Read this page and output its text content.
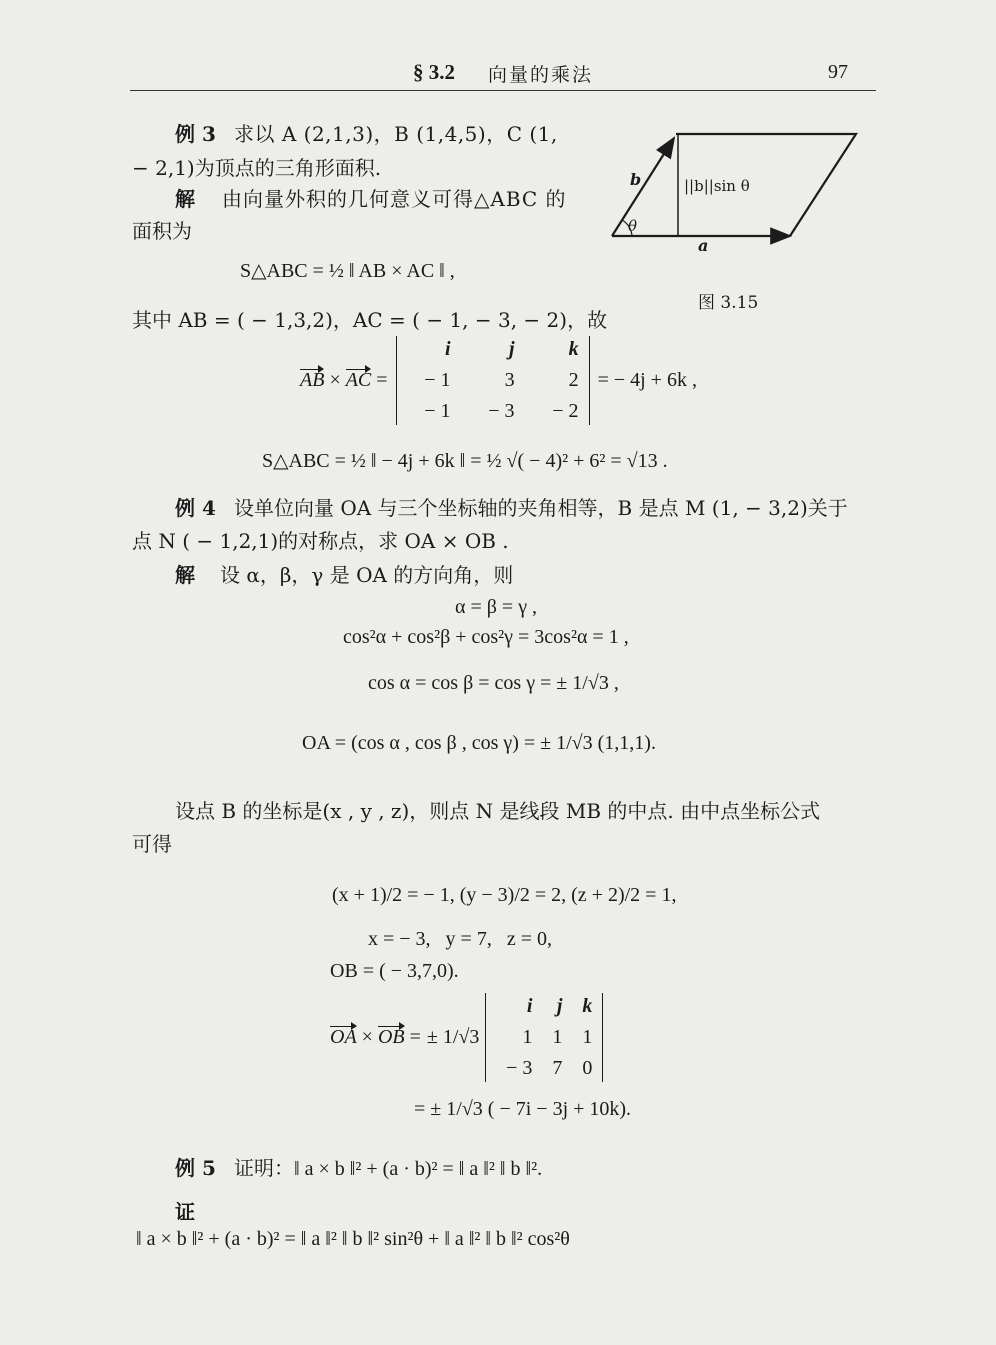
§ 3.2 向量的乘法	97
b	||b||sin θ
θ
a
图 3.15
例 3 求以 A (2,1,3)，B (1,4,5)，C (1,
− 2,1)为顶点的三角形面积.
解 由向量外积的几何意义可得△ABC 的
面积为
S△ABC = ½ ‖ AB × AC ‖ ,
其中 AB = ( − 1,3,2)，AC = ( − 1, − 3, − 2)，故
AB × AC =
i	j	k
− 1	3	2
− 1	− 3	− 2
= − 4j + 6k ,
S△ABC = ½ ‖ − 4j + 6k ‖ = ½ √( − 4)² + 6² = √13 .
例 4 设单位向量 OA 与三个坐标轴的夹角相等，B 是点 M (1, − 3,2)关于
点 N ( − 1,2,1)的对称点，求 OA × OB .
解 设 α，β，γ 是 OA 的方向角，则
α = β = γ ,
cos²α + cos²β + cos²γ = 3cos²α = 1 ,
cos α = cos β = cos γ = ± 1/√3 ,
OA = (cos α , cos β , cos γ) = ± 1/√3 (1,1,1).
设点 B 的坐标是(x , y , z)，则点 N 是线段 MB 的中点. 由中点坐标公式
可得
(x + 1)/2 = − 1, (y − 3)/2 = 2, (z + 2)/2 = 1,
x = − 3,   y = 7,   z = 0,
OB = ( − 3,7,0).
OA × OB = ± 1/√3
i	j	k
1	1	1
− 3	7	0
= ± 1/√3 ( − 7i − 3j + 10k).
例 5 证明：‖ a × b ‖² + (a · b)² = ‖ a ‖² ‖ b ‖².
证
‖ a × b ‖² + (a · b)² = ‖ a ‖² ‖ b ‖² sin²θ + ‖ a ‖² ‖ b ‖² cos²θ
